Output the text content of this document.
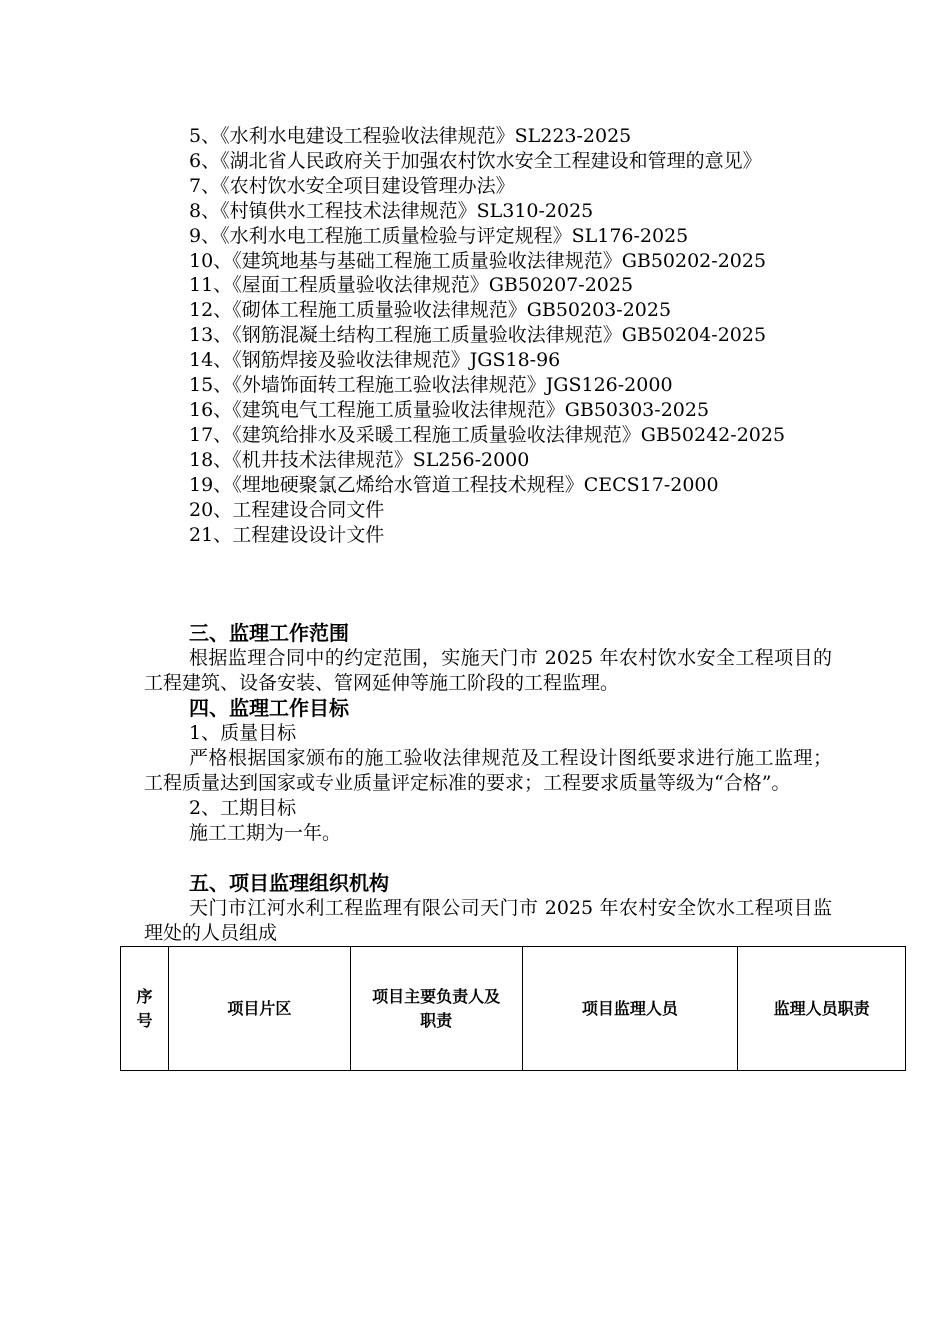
5、《水利水电建设工程验收法律规范》SL223-2025
6、《湖北省人民政府关于加强农村饮水安全工程建设和管理的意见》
7、《农村饮水安全项目建设管理办法》
8、《村镇供水工程技术法律规范》SL310-2025
9、《水利水电工程施工质量检验与评定规程》SL176-2025
10、《建筑地基与基础工程施工质量验收法律规范》GB50202-2025
11、《屋面工程质量验收法律规范》GB50207-2025
12、《砌体工程施工质量验收法律规范》GB50203-2025
13、《钢筋混凝土结构工程施工质量验收法律规范》GB50204-2025
14、《钢筋焊接及验收法律规范》JGS18-96
15、《外墙饰面转工程施工验收法律规范》JGS126-2000
16、《建筑电气工程施工质量验收法律规范》GB50303-2025
17、《建筑给排水及采暖工程施工质量验收法律规范》GB50242-2025
18、《机井技术法律规范》SL256-2000
19、《埋地硬聚氯乙烯给水管道工程技术规程》CECS17-2000
20、工程建设合同文件
21、工程建设设计文件
三、监理工作范围

根据监理合同中的约定范围，实施天门市 2025 年农村饮水安全工程项目的工程建筑、设备安装、管网延伸等施工阶段的工程监理。

四、监理工作目标
1、质量目标

严格根据国家颁布的施工验收法律规范及工程设计图纸要求进行施工监理；工程质量达到国家或专业质量评定标准的要求；工程要求质量等级为“合格”。

2、工期目标
施工工期为一年。
五、项目监理组织机构

天门市江河水利工程监理有限公司天门市 2025 年农村安全饮水工程项目监理处的人员组成

序号	项目片区	项目主要负责人及职责	项目监理人员	监理人员职责
